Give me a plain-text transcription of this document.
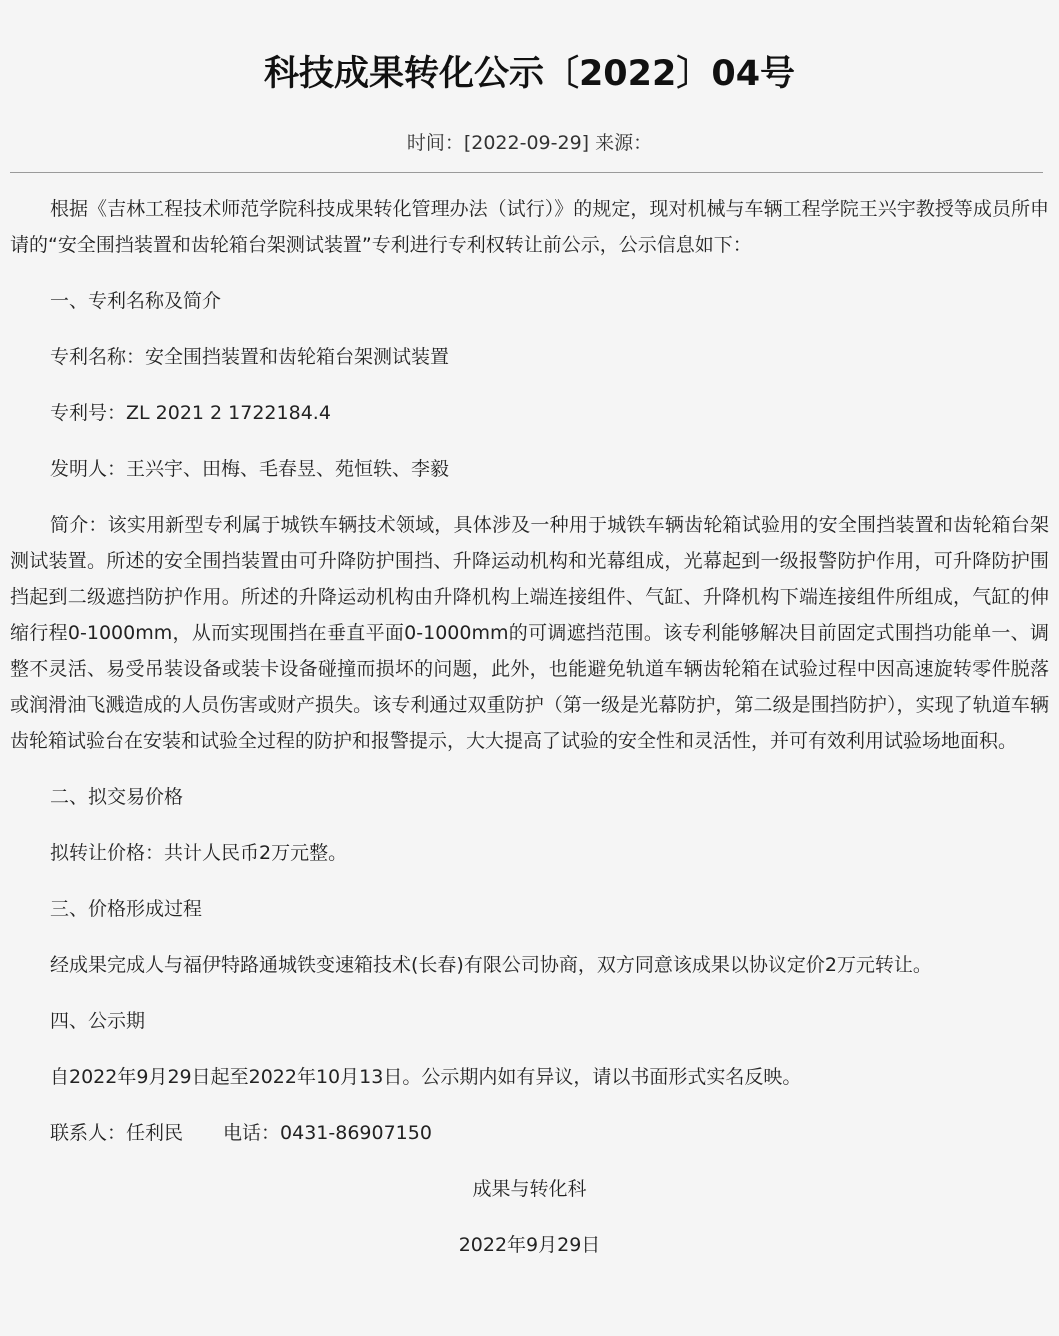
科技成果转化公示〔2022〕04号
时间：[2022-09-29] 来源：

根据《吉林工程技术师范学院科技成果转化管理办法（试行）》的规定，现对机械与车辆工程学院王兴宇教授等成员所申请的“安全围挡装置和齿轮箱台架测试装置”专利进行专利权转让前公示，公示信息如下：

一、专利名称及简介

专利名称：安全围挡装置和齿轮箱台架测试装置

专利号：ZL 2021 2 1722184.4

发明人：王兴宇、田梅、毛春昱、苑恒轶、李毅

简介：该实用新型专利属于城铁车辆技术领域，具体涉及一种用于城铁车辆齿轮箱试验用的安全围挡装置和齿轮箱台架测试装置。所述的安全围挡装置由可升降防护围挡、升降运动机构和光幕组成，光幕起到一级报警防护作用，可升降防护围挡起到二级遮挡防护作用。所述的升降运动机构由升降机构上端连接组件、气缸、升降机构下端连接组件所组成，气缸的伸缩行程0-1000mm，从而实现围挡在垂直平面0-1000mm的可调遮挡范围。该专利能够解决目前固定式围挡功能单一、调整不灵活、易受吊装设备或装卡设备碰撞而损坏的问题，此外，也能避免轨道车辆齿轮箱在试验过程中因高速旋转零件脱落或润滑油飞溅造成的人员伤害或财产损失。该专利通过双重防护（第一级是光幕防护，第二级是围挡防护），实现了轨道车辆齿轮箱试验台在安装和试验全过程的防护和报警提示，大大提高了试验的安全性和灵活性，并可有效利用试验场地面积。

二、拟交易价格

拟转让价格：共计人民币2万元整。

三、价格形成过程

经成果完成人与福伊特路通城铁变速箱技术(长春)有限公司协商，双方同意该成果以协议定价2万元转让。

四、公示期

自2022年9月29日起至2022年10月13日。公示期内如有异议，请以书面形式实名反映。

联系人：任利民 电话：0431-86907150

成果与转化科

2022年9月29日
